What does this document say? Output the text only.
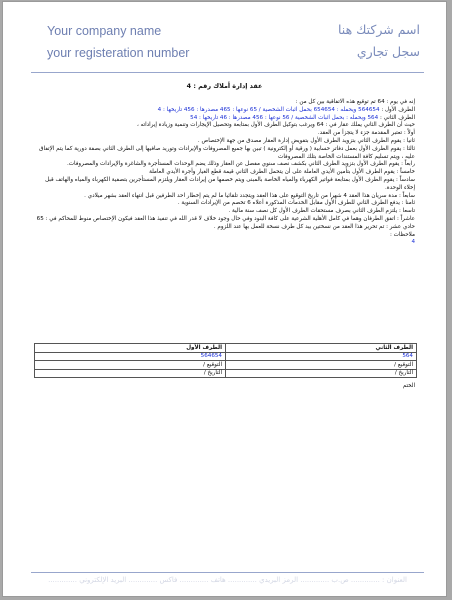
Your company name
your registeration number
اسم شركتك هنا
سجل تجاري
عقد إدارة أملاك رقم : 4

إنه في يوم : 64 تم توقيع هذه الاتفاقية بين كل من :

الطرف الأول : 564654 ويحمله : 654654 بحمل اثبات الشخصية / 65 نوعها : 465 مصدرها : 456 تاريخها : 4

الطرف الثاني : 564 ويحمله : بحمل اثبات الشخصية / 56 نوعها : 456 مصدرها : 46 تاريخها : 54

حيث أن الطرف الثاني يملك عقار في : 64 ويرغب بتوكيل الطرف الأول بمتابعة وتحصيل الإيجارات وتنمية وزيادة إيراداته ،

أولاً : تعتبر المقدمة جزء لا يتجزأ من العقد.

ثانيا : يقوم الطرف الثاني بتزويد الطرف الأول بتفويض إدارة العقار مصدق من جهة الإختصاص .

ثالثا : يقوم الطرف الأول بعمل دفاتر حسابية ( ورقية أو إلكترونية ) تبين بها جميع المصروفات والإيرادات وتوريد صافيها إلى الطرف الثاني بصفة دورية كما يتم الإتفاق عليه ، ويتم تسليم كافة المستندات الخاصة بتلك المصروفات

رابعاً : يقوم الطرف الأول بتزويد الطرف الثاني بكشف نصف سنوي مفصل عن العقار وذلك يضم الوحدات المستأجرة والشاغرة والإيرادات والمصروفات.

خامساً : يقوم الطرف الأول بتأمين الأيدي العاملة على أن يتحمل الطرف الثاني قيمة قطع الغيار وأجرة الأيدي العاملة

سادساً : يقوم الطرف الأول بمتابعة فواتير الكهرباء والمياه الخاصة بالمبنى ويتم خصمها من إيرادات العقار ويلتزم المستأجرين بتصفية الكهرباء والمياه والهاتف قبل إخلاء الوحدة.

سابعاً : مدة سريان هذا العقد 4 شهرا من تاريخ التوقيع على هذا العقد ويتجدد تلقائيا ما لم يتم إخطار احد الطرفين قبل انتهاء العقد بشهر ميلادي .

ثامنا : يدفع الطرف الثاني للطرف الأول مقابل الخدمات المذكورة أعلاه 6 تخصم من الإيرادات السنوية .

تاسعا : يلتزم الطرف الثاني بصرف مستحقات الطرف الأول كل نصف سنة مالية .

عاشراً : اتفق الطرفان وهما في كامل الأهلية الشرعية على كافة البنود وفي حال وجود خلاف لا قدر الله في تنفيذ هذا العقد فيكون الإختصاص منوط للمحاكم في : 65

حادي عشر : تم تحرير هذا العقد من نسختين بيد كل طرف نسخة للعمل بها عند اللزوم .

ملاحظات :

4

الطرف الثاني	الطرف الأول
564	564654
التوقيع /	التوقيع /
التاريخ /	التاريخ /
الختم
العنوان : ............. ص.ب ............. الرمز البريدي ............. هاتف ............. فاكس ............. البريد الإلكتروني .............
